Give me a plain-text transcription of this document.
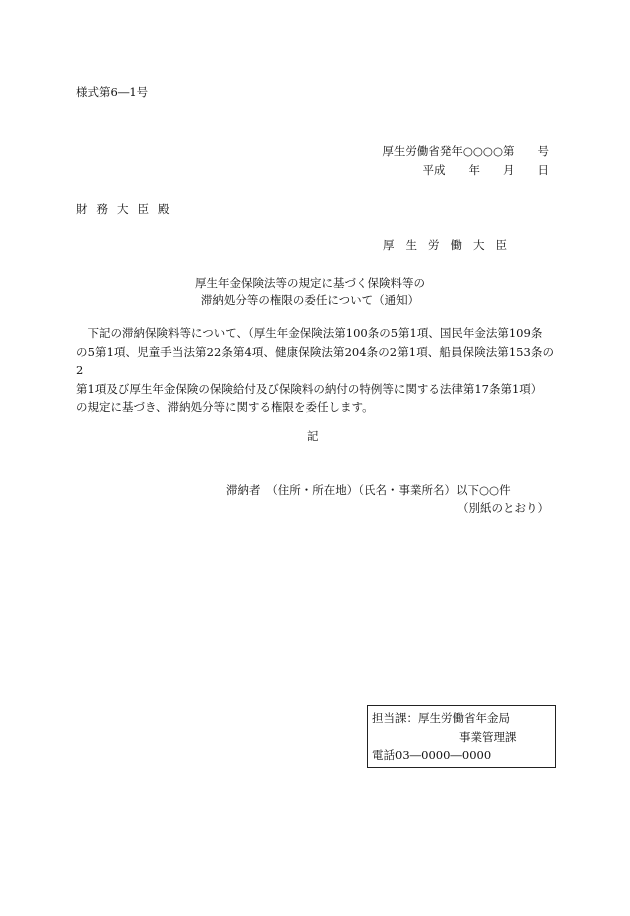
様式第6―1号
厚生労働省発年○○○○第　　号
平成　　年　　月　　日
財務大臣殿
厚生労働大臣
厚生年金保険法等の規定に基づく保険料等の
滞納処分等の権限の委任について（通知）
　下記の滞納保険料等について、（厚生年金保険法第100条の5第1項、国民年金法第109条
の5第1項、児童手当法第22条第4項、健康保険法第204条の2第1項、船員保険法第153条の2
第1項及び厚生年金保険の保険給付及び保険料の納付の特例等に関する法律第17条第1項）
の規定に基づき、滞納処分等に関する権限を委任します。
記
滞納者　（住所・所在地）（氏名・事業所名）以下○○件
（別紙のとおり）
担当課：厚生労働省年金局
事業管理課
電話03―0000―0000
